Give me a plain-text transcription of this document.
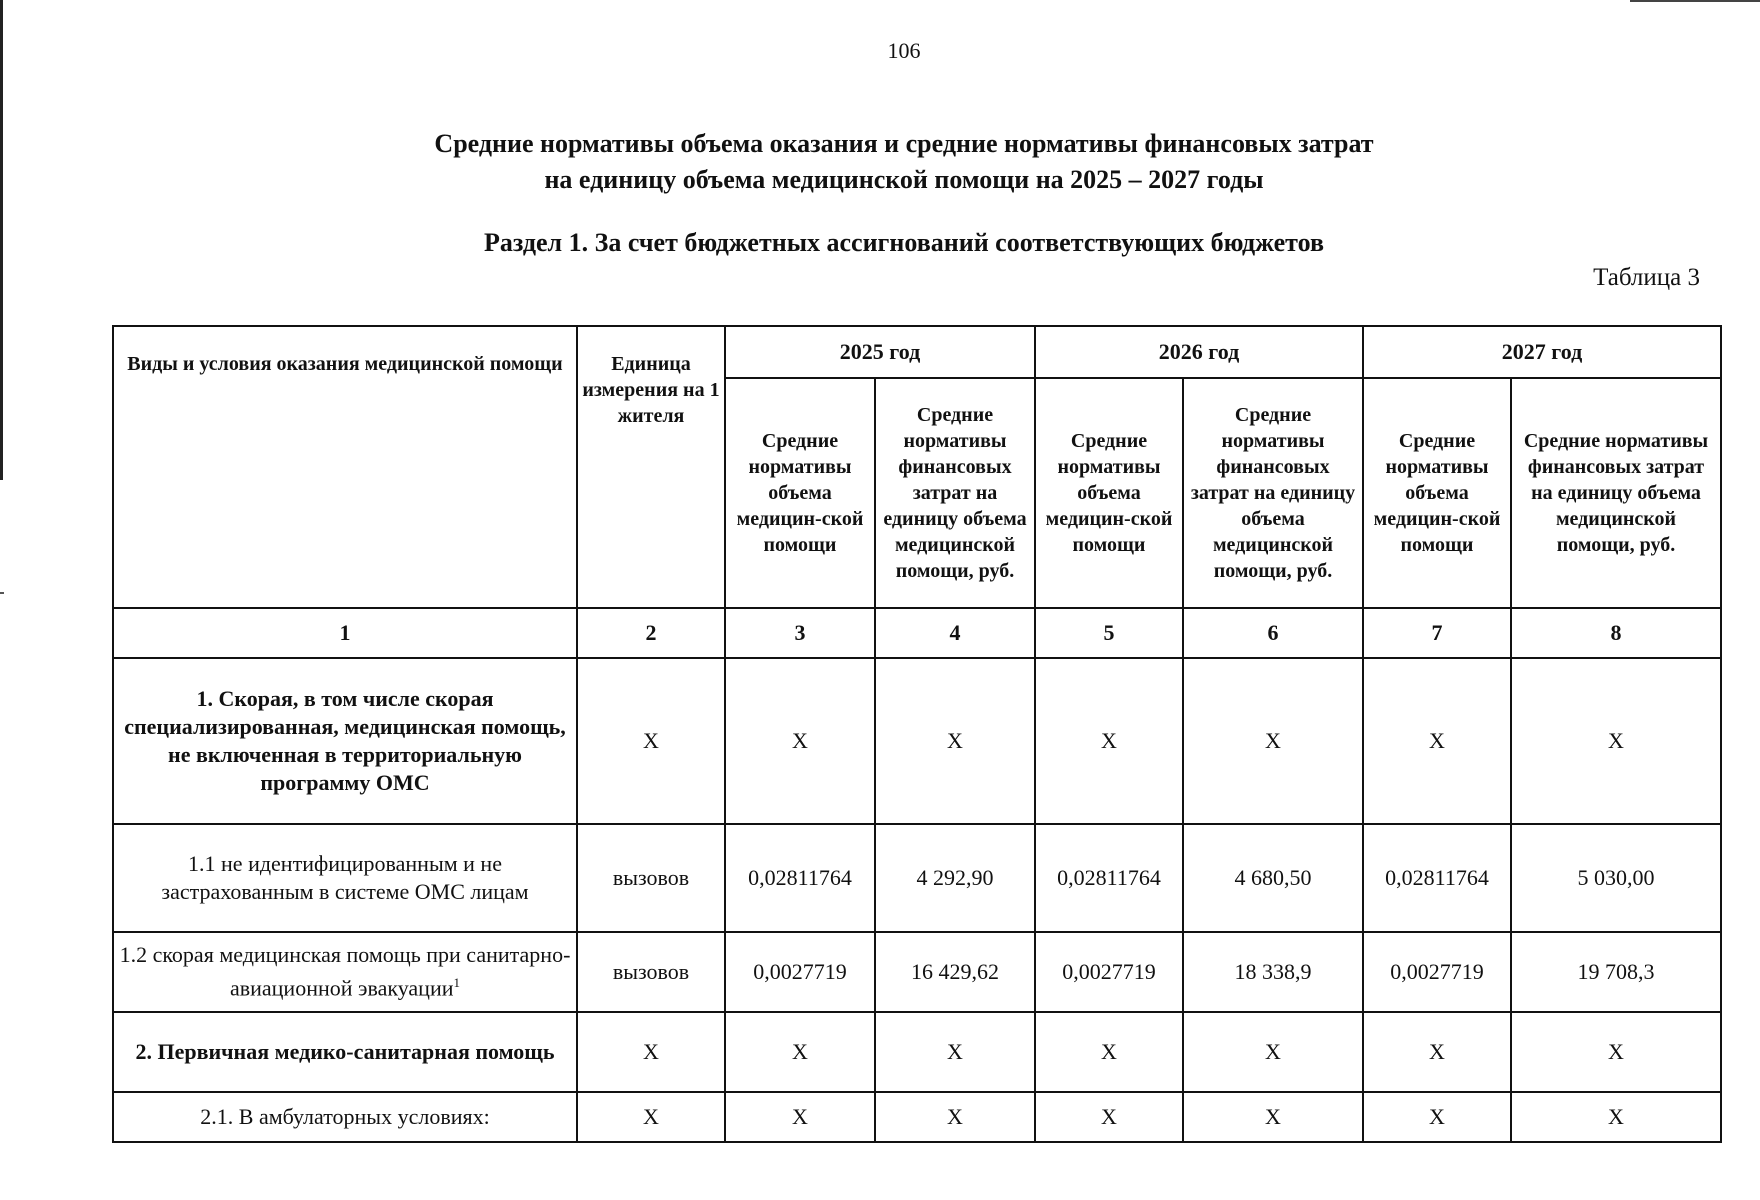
106
Средние нормативы объема оказания и средние нормативы финансовых затрат
на единицу объема медицинской помощи на 2025 – 2027 годы
Раздел 1. За счет бюджетных ассигнований соответствующих бюджетов
Таблица 3
Виды и условия оказания медицинской помощи	Единица измерения на 1 жителя	2025 год		2026 год		2027 год	
		Средние нормативы объема медицин-ской помощи	Средние нормативы финансовых затрат на единицу объема медицинской помощи, руб.	Средние нормативы объема медицин-ской помощи	Средние нормативы финансовых затрат на единицу объема медицинской помощи, руб.	Средние нормативы объема медицин-ской помощи	Средние нормативы финансовых затрат на единицу объема медицинской помощи, руб.
1	2	3	4	5	6	7	8
1. Скорая, в том числе скорая специализированная, медицинская помощь, не включенная в территориальную программу ОМС	Х	Х	Х	Х	Х	Х	Х
1.1 не идентифицированным и не застрахованным в системе ОМС лицам	вызовов	0,02811764	4 292,90	0,02811764	4 680,50	0,02811764	5 030,00
1.2 скорая медицинская помощь при санитарно-авиационной эвакуации$^1$	вызовов	0,0027719	16 429,62	0,0027719	18 338,9	0,0027719	19 708,3
2. Первичная медико-санитарная помощь	Х	Х	Х	Х	Х	Х	Х
2.1. В амбулаторных условиях:	Х	Х	Х	Х	Х	Х	Х
